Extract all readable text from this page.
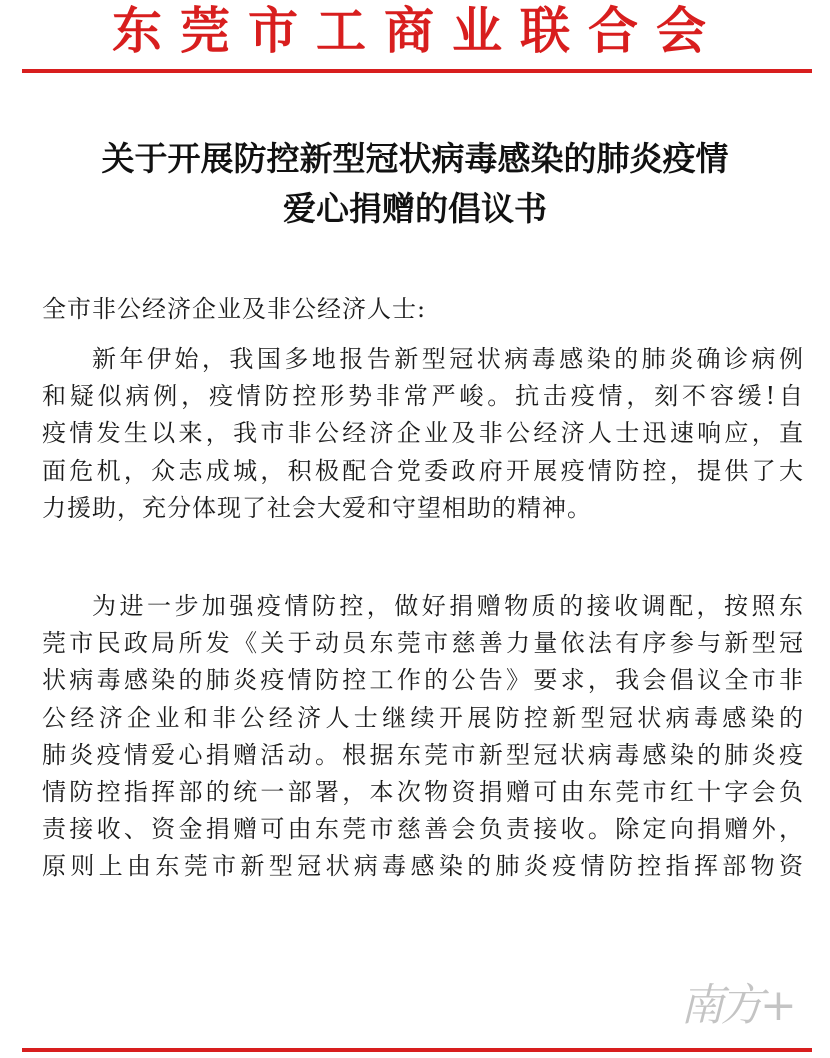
东莞市工商业联合会
关于开展防控新型冠状病毒感染的肺炎疫情
爱心捐赠的倡议书
全市非公经济企业及非公经济人士:
新年伊始，我国多地报告新型冠状病毒感染的肺炎确诊病例
和疑似病例，疫情防控形势非常严峻。抗击疫情，刻不容缓!自
疫情发生以来，我市非公经济企业及非公经济人士迅速响应，直
面危机，众志成城，积极配合党委政府开展疫情防控，提供了大
力援助，充分体现了社会大爱和守望相助的精神。
为进一步加强疫情防控，做好捐赠物质的接收调配，按照东
莞市民政局所发《关于动员东莞市慈善力量依法有序参与新型冠
状病毒感染的肺炎疫情防控工作的公告》要求，我会倡议全市非
公经济企业和非公经济人士继续开展防控新型冠状病毒感染的
肺炎疫情爱心捐赠活动。根据东莞市新型冠状病毒感染的肺炎疫
情防控指挥部的统一部署，本次物资捐赠可由东莞市红十字会负
责接收、资金捐赠可由东莞市慈善会负责接收。除定向捐赠外，
原则上由东莞市新型冠状病毒感染的肺炎疫情防控指挥部物资
南方+
